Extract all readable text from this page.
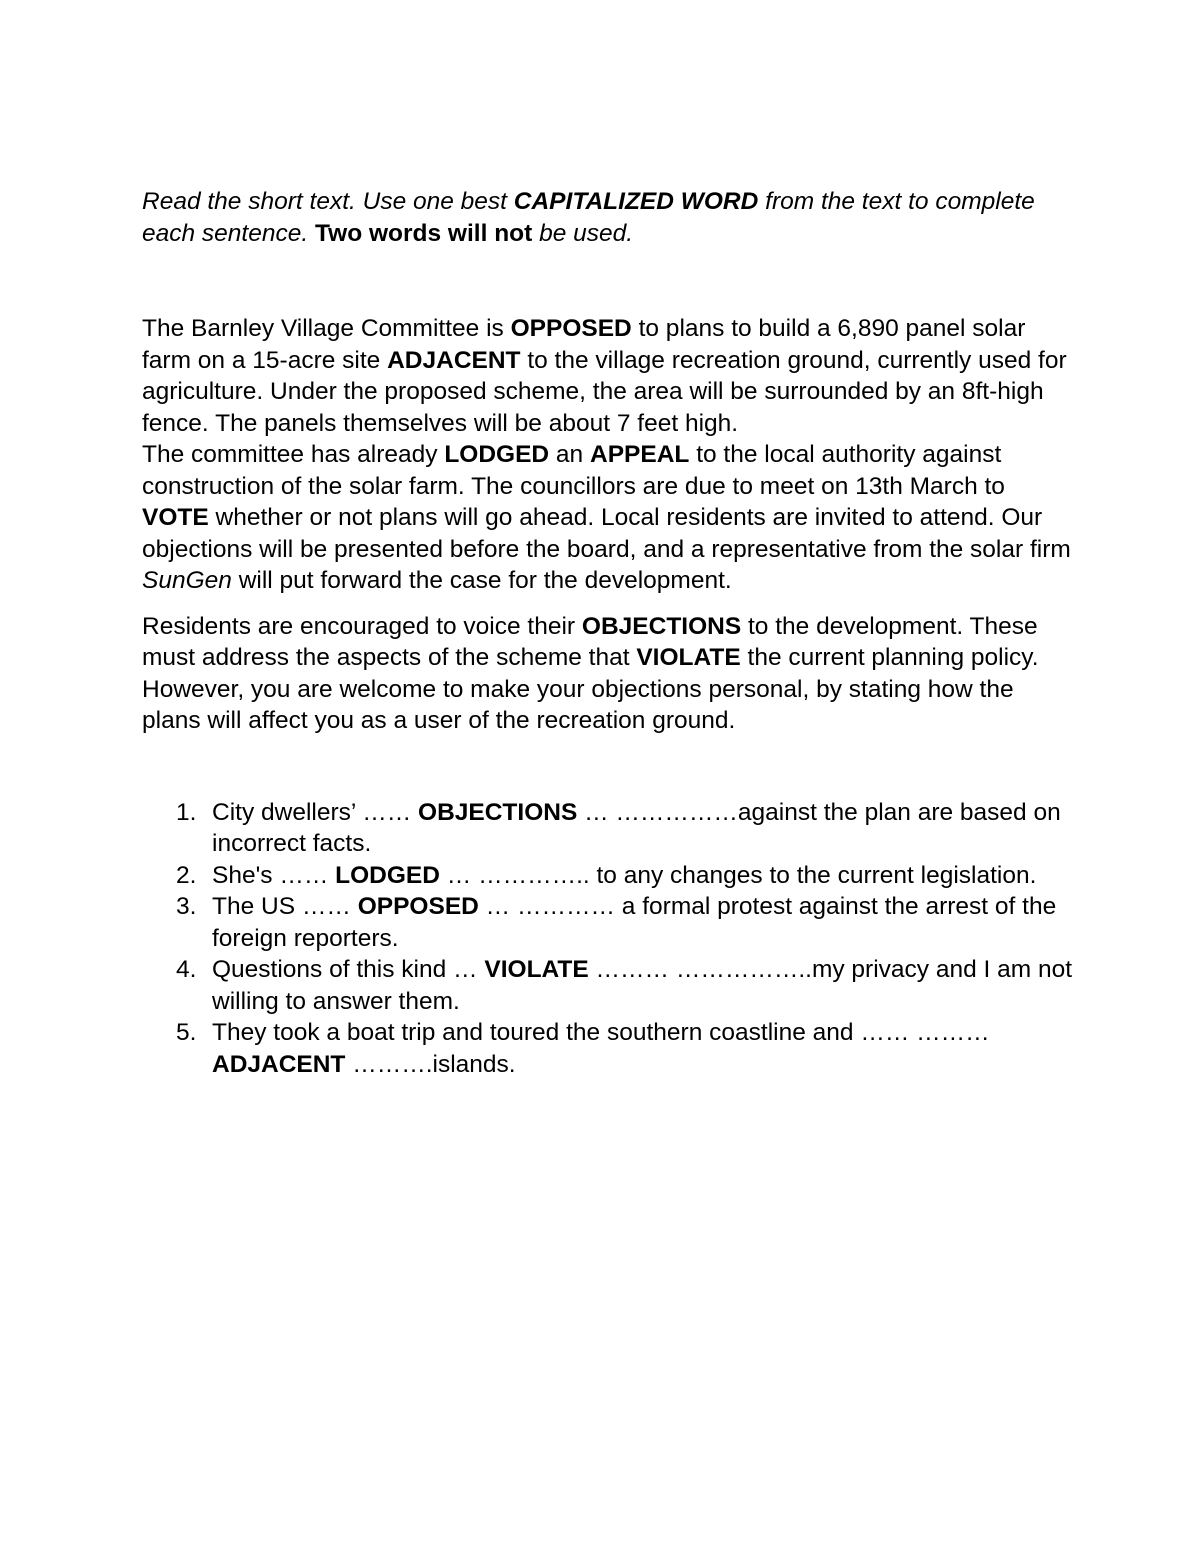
Read the short text. Use one best CAPITALIZED WORD from the text to complete each sentence. Two words will not be used.

The Barnley Village Committee is OPPOSED to plans to build a 6,890 panel solar farm on a 15-acre site ADJACENT to the village recreation ground, currently used for agriculture. Under the proposed scheme, the area will be surrounded by an 8ft-high fence. The panels themselves will be about 7 feet high.

The committee has already LODGED an APPEAL to the local authority against construction of the solar farm. The councillors are due to meet on 13th March to VOTE whether or not plans will go ahead. Local residents are invited to attend. Our objections will be presented before the board, and a representative from the solar firm SunGen will put forward the case for the development.

Residents are encouraged to voice their OBJECTIONS to the development. These must address the aspects of the scheme that VIOLATE the current planning policy. However, you are welcome to make your objections personal, by stating how the plans will affect you as a user of the recreation ground.

1. City dwellers’ …… OBJECTIONS … ……………against the plan are based on incorrect facts.
2. She's …… LODGED … ………….. to any changes to the current legislation.
3. The US …… OPPOSED … ………… a formal protest against the arrest of the foreign reporters.
4. Questions of this kind … VIOLATE ……… ……………..my privacy and I am not willing to answer them.
5. They took a boat trip and toured the southern coastline and …… ……… ADJACENT ……….islands.
